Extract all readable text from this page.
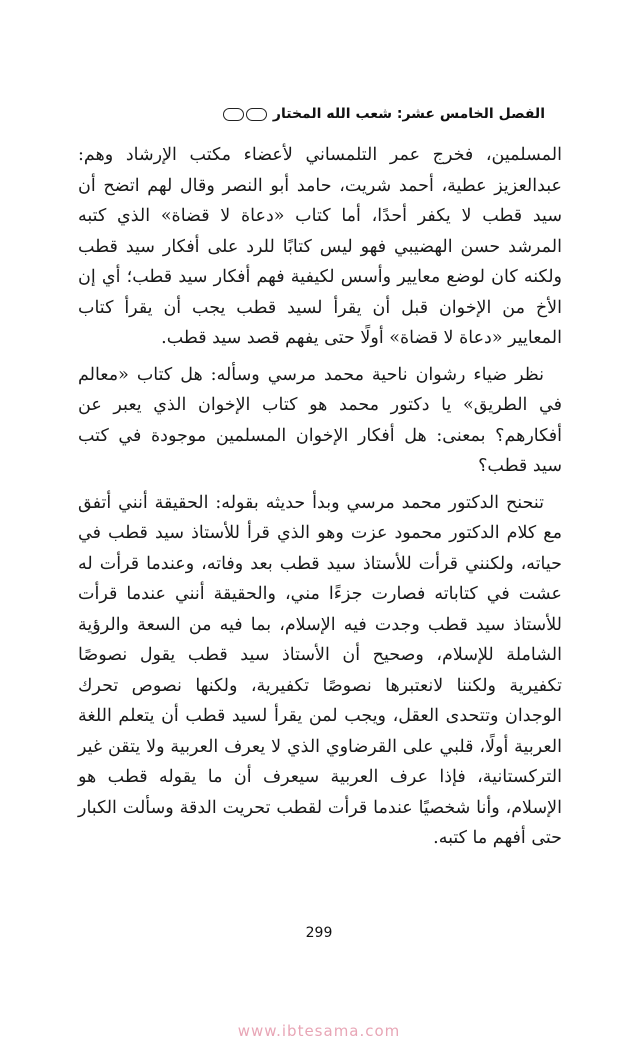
الفصل الخامس عشر: شعب الله المختار

المسلمين، فخرج عمر التلمساني لأعضاء مكتب الإرشاد وهم: عبدالعزيز عطية، أحمد شريت، حامد أبو النصر وقال لهم اتضح أن سيد قطب لا يكفر أحدًا، أما كتاب «دعاة لا قضاة» الذي كتبه المرشد حسن الهضيبي فهو ليس كتابًا للرد على أفكار سيد قطب ولكنه كان لوضع معايير وأسس لكيفية فهم أفكار سيد قطب؛ أي إن الأخ من الإخوان قبل أن يقرأ لسيد قطب يجب أن يقرأ كتاب المعايير «دعاة لا قضاة» أولًا حتى يفهم قصد سيد قطب.

نظر ضياء رشوان ناحية محمد مرسي وسأله: هل كتاب «معالم في الطريق» يا دكتور محمد هو كتاب الإخوان الذي يعبر عن أفكارهم؟ بمعنى: هل أفكار الإخوان المسلمين موجودة في كتب سيد قطب؟

تنحنح الدكتور محمد مرسي وبدأ حديثه بقوله: الحقيقة أنني أتفق مع كلام الدكتور محمود عزت وهو الذي قرأ للأستاذ سيد قطب في حياته، ولكنني قرأت للأستاذ سيد قطب بعد وفاته، وعندما قرأت له عشت في كتاباته فصارت جزءًا مني، والحقيقة أنني عندما قرأت للأستاذ سيد قطب وجدت فيه الإسلام، بما فيه من السعة والرؤية الشاملة للإسلام، وصحيح أن الأستاذ سيد قطب يقول نصوصًا تكفيرية ولكننا لانعتبرها نصوصًا تكفيرية، ولكنها نصوص تحرك الوجدان وتتحدى العقل، ويجب لمن يقرأ لسيد قطب أن يتعلم اللغة العربية أولًا، قلبي على القرضاوي الذي لا يعرف العربية ولا يتقن غير التركستانية، فإذا عرف العربية سيعرف أن ما يقوله قطب هو الإسلام، وأنا شخصيًا عندما قرأت لقطب تحريت الدقة وسألت الكبار حتى أفهم ما كتبه.

299
www.ibtesama.com
